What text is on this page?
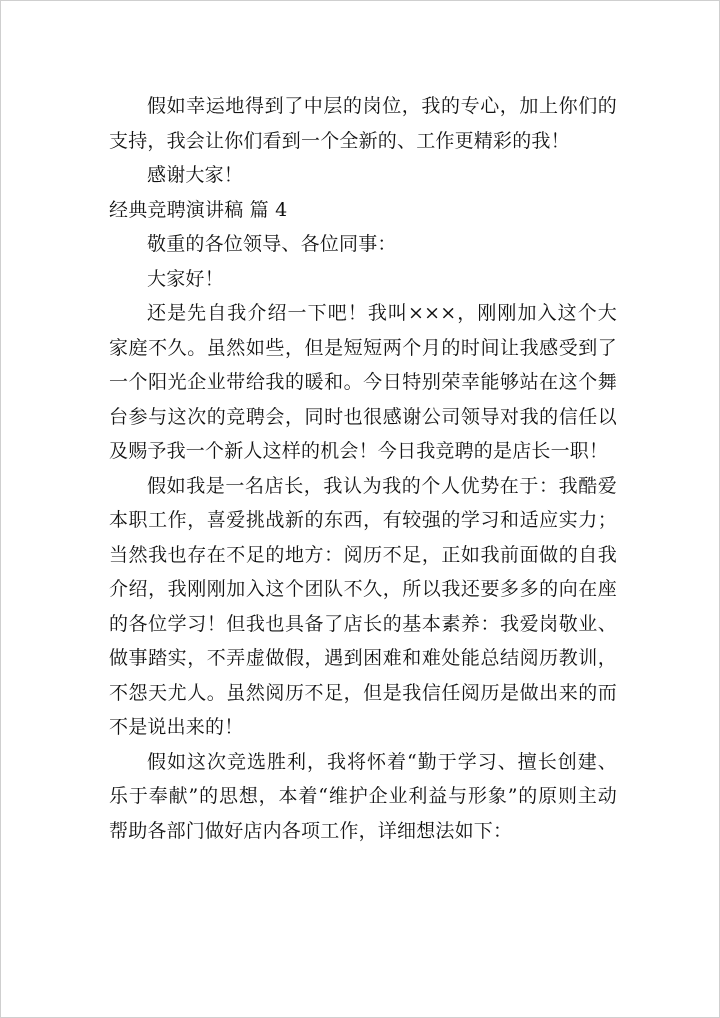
假如幸运地得到了中层的岗位，我的专心，加上你们的支持，我会让你们看到一个全新的、工作更精彩的我！

感谢大家！

经典竞聘演讲稿 篇 4

敬重的各位领导、各位同事：

大家好！

还是先自我介绍一下吧！我叫×××，刚刚加入这个大家庭不久。虽然如些，但是短短两个月的时间让我感受到了一个阳光企业带给我的暖和。今日特别荣幸能够站在这个舞台参与这次的竞聘会，同时也很感谢公司领导对我的信任以及赐予我一个新人这样的机会！今日我竞聘的是店长一职！

假如我是一名店长，我认为我的个人优势在于：我酷爱本职工作，喜爱挑战新的东西，有较强的学习和适应实力；当然我也存在不足的地方：阅历不足，正如我前面做的自我介绍，我刚刚加入这个团队不久，所以我还要多多的向在座的各位学习！但我也具备了店长的基本素养：我爱岗敬业、做事踏实，不弄虚做假，遇到困难和难处能总结阅历教训，不怨天尤人。虽然阅历不足，但是我信任阅历是做出来的而不是说出来的！

假如这次竞选胜利，我将怀着“勤于学习、擅长创建、乐于奉献”的思想，本着“维护企业利益与形象”的原则主动帮助各部门做好店内各项工作，详细想法如下：
